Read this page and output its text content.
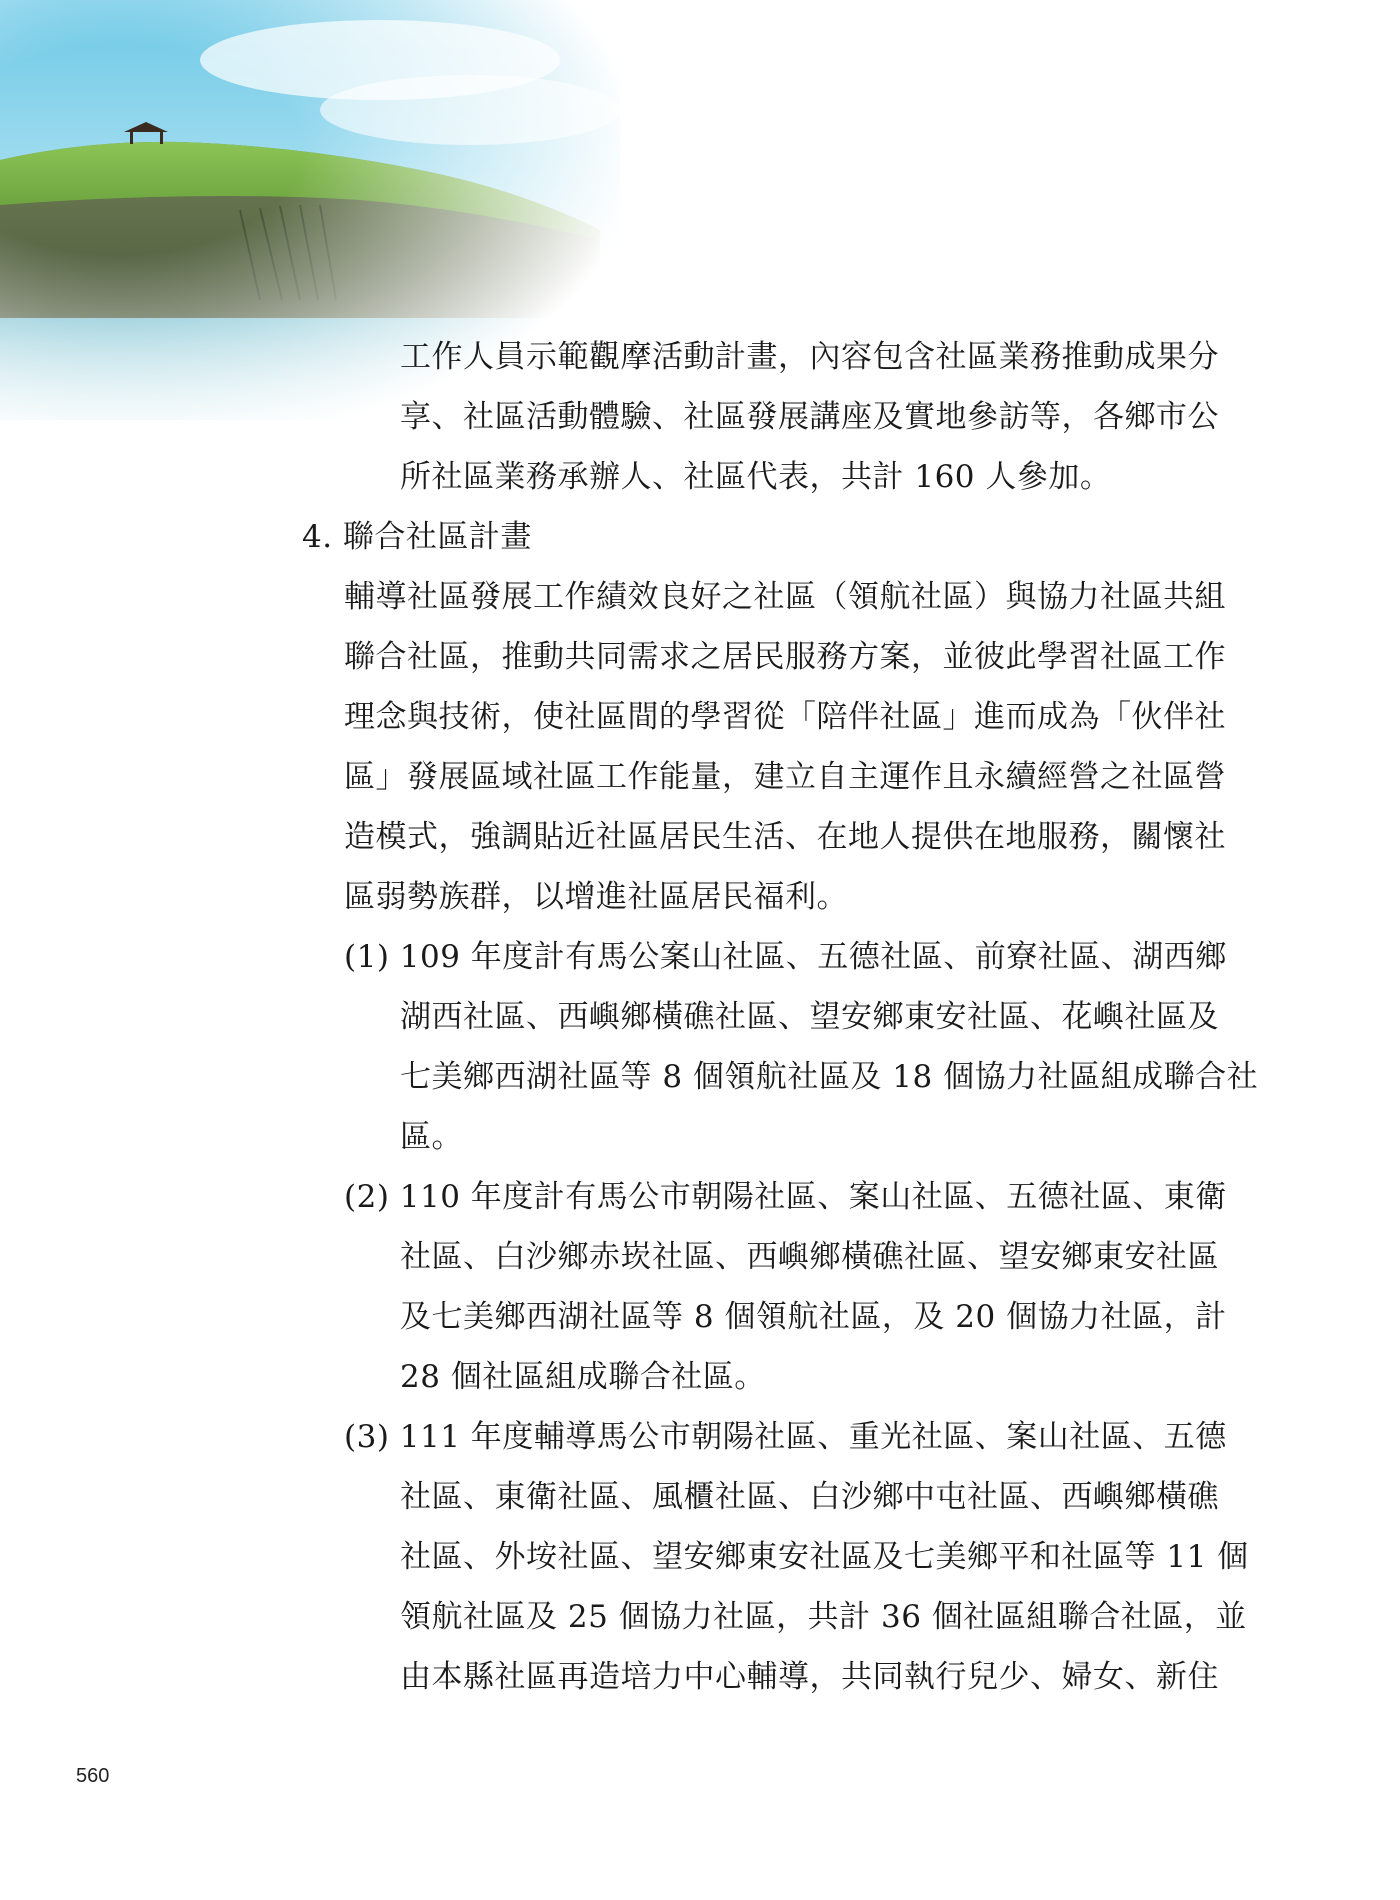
工作人員示範觀摩活動計畫，內容包含社區業務推動成果分
享、社區活動體驗、社區發展講座及實地參訪等，各鄉市公
所社區業務承辦人、社區代表，共計 160 人參加。
4. 聯合社區計畫
輔導社區發展工作績效良好之社區（領航社區）與協力社區共組
聯合社區，推動共同需求之居民服務方案，並彼此學習社區工作
理念與技術，使社區間的學習從「陪伴社區」進而成為「伙伴社
區」發展區域社區工作能量，建立自主運作且永續經營之社區營
造模式，強調貼近社區居民生活、在地人提供在地服務，關懷社
區弱勢族群，以增進社區居民福利。
(1) 109 年度計有馬公案山社區、五德社區、前寮社區、湖西鄉
湖西社區、西嶼鄉橫礁社區、望安鄉東安社區、花嶼社區及
七美鄉西湖社區等 8 個領航社區及 18 個協力社區組成聯合社
區。
(2) 110 年度計有馬公市朝陽社區、案山社區、五德社區、東衛
社區、白沙鄉赤崁社區、西嶼鄉橫礁社區、望安鄉東安社區
及七美鄉西湖社區等 8 個領航社區，及 20 個協力社區，計
28 個社區組成聯合社區。
(3) 111 年度輔導馬公市朝陽社區、重光社區、案山社區、五德
社區、東衛社區、風櫃社區、白沙鄉中屯社區、西嶼鄉橫礁
社區、外垵社區、望安鄉東安社區及七美鄉平和社區等 11 個
領航社區及 25 個協力社區，共計 36 個社區組聯合社區，並
由本縣社區再造培力中心輔導，共同執行兒少、婦女、新住
560
